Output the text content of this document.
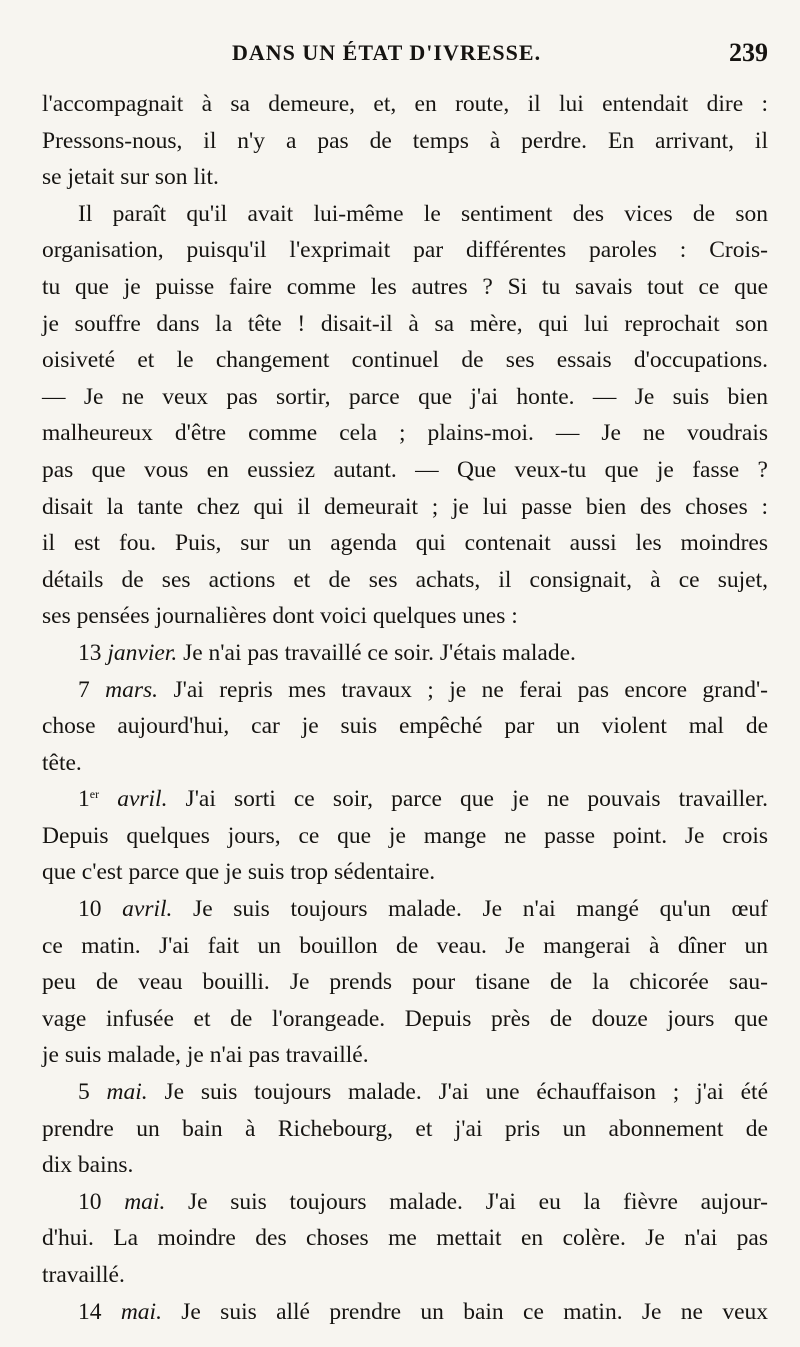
DANS UN ÉTAT D'IVRESSE.	239

l'accompagnait à sa demeure, et, en route, il lui entendait dire :

Pressons-nous, il n'y a pas de temps à perdre. En arrivant, il

se jetait sur son lit.

Il paraît qu'il avait lui-même le sentiment des vices de son

organisation, puisqu'il l'exprimait par différentes paroles : Crois-

tu que je puisse faire comme les autres ? Si tu savais tout ce que

je souffre dans la tête ! disait-il à sa mère, qui lui reprochait son

oisiveté et le changement continuel de ses essais d'occupations.

— Je ne veux pas sortir, parce que j'ai honte. — Je suis bien

malheureux d'être comme cela ; plains-moi. — Je ne voudrais

pas que vous en eussiez autant. — Que veux-tu que je fasse ?

disait la tante chez qui il demeurait ; je lui passe bien des choses :

il est fou. Puis, sur un agenda qui contenait aussi les moindres

détails de ses actions et de ses achats, il consignait, à ce sujet,

ses pensées journalières dont voici quelques unes :

13 janvier. Je n'ai pas travaillé ce soir. J'étais malade.

7 mars. J'ai repris mes travaux ; je ne ferai pas encore grand'-

chose aujourd'hui, car je suis empêché par un violent mal de

tête.

1er avril. J'ai sorti ce soir, parce que je ne pouvais travailler.

Depuis quelques jours, ce que je mange ne passe point. Je crois

que c'est parce que je suis trop sédentaire.

10 avril. Je suis toujours malade. Je n'ai mangé qu'un œuf

ce matin. J'ai fait un bouillon de veau. Je mangerai à dîner un

peu de veau bouilli. Je prends pour tisane de la chicorée sau-

vage infusée et de l'orangeade. Depuis près de douze jours que

je suis malade, je n'ai pas travaillé.

5 mai. Je suis toujours malade. J'ai une échauffaison ; j'ai été

prendre un bain à Richebourg, et j'ai pris un abonnement de

dix bains.

10 mai. Je suis toujours malade. J'ai eu la fièvre aujour-

d'hui. La moindre des choses me mettait en colère. Je n'ai pas

travaillé.

14 mai. Je suis allé prendre un bain ce matin. Je ne veux
